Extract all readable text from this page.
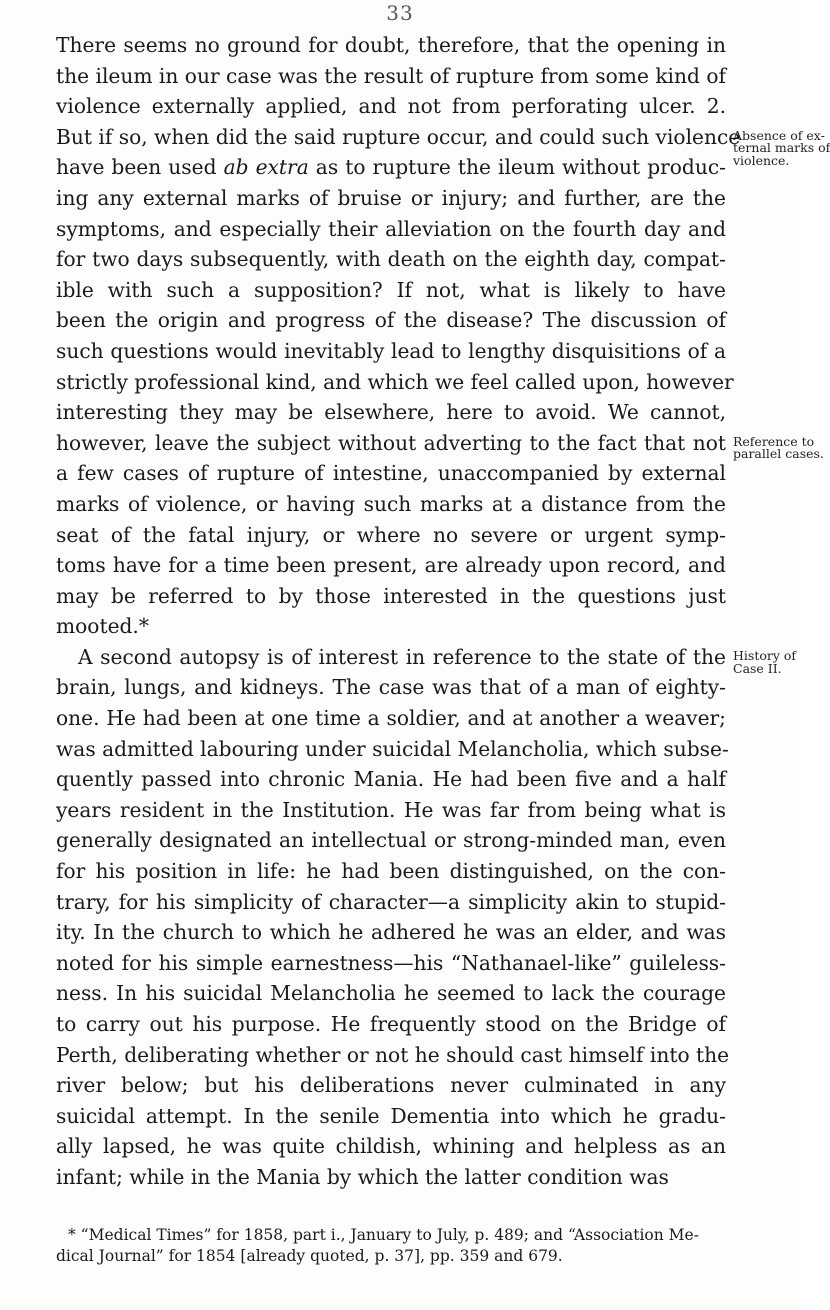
33
There seems no ground for doubt, therefore, that the opening in
the ileum in our case was the result of rupture from some kind of
violence externally applied, and not from perforating ulcer. 2.
But if so, when did the said rupture occur, and could such violence
have been used ab extra as to rupture the ileum without produc-
ing any external marks of bruise or injury; and further, are the
symptoms, and especially their alleviation on the fourth day and
for two days subsequently, with death on the eighth day, compat-
ible with such a supposition? If not, what is likely to have
been the origin and progress of the disease? The discussion of
such questions would inevitably lead to lengthy disquisitions of a
strictly professional kind, and which we feel called upon, however
interesting they may be elsewhere, here to avoid. We cannot,
however, leave the subject without adverting to the fact that not
a few cases of rupture of intestine, unaccompanied by external
marks of violence, or having such marks at a distance from the
seat of the fatal injury, or where no severe or urgent symp-
toms have for a time been present, are already upon record, and
may be referred to by those interested in the questions just
mooted.*
A second autopsy is of interest in reference to the state of the
brain, lungs, and kidneys. The case was that of a man of eighty-
one. He had been at one time a soldier, and at another a weaver;
was admitted labouring under suicidal Melancholia, which subse-
quently passed into chronic Mania. He had been five and a half
years resident in the Institution. He was far from being what is
generally designated an intellectual or strong-minded man, even
for his position in life: he had been distinguished, on the con-
trary, for his simplicity of character—a simplicity akin to stupid-
ity. In the church to which he adhered he was an elder, and was
noted for his simple earnestness—his “Nathanael-like” guileless-
ness. In his suicidal Melancholia he seemed to lack the courage
to carry out his purpose. He frequently stood on the Bridge of
Perth, deliberating whether or not he should cast himself into the
river below; but his deliberations never culminated in any
suicidal attempt. In the senile Dementia into which he gradu-
ally lapsed, he was quite childish, whining and helpless as an
infant; while in the Mania by which the latter condition was
Absence of ex-
ternal marks of
violence.
Reference to
parallel cases.
History of
Case II.
* “Medical Times” for 1858, part i., January to July, p. 489; and “Association Me-
dical Journal” for 1854 [already quoted, p. 37], pp. 359 and 679.
